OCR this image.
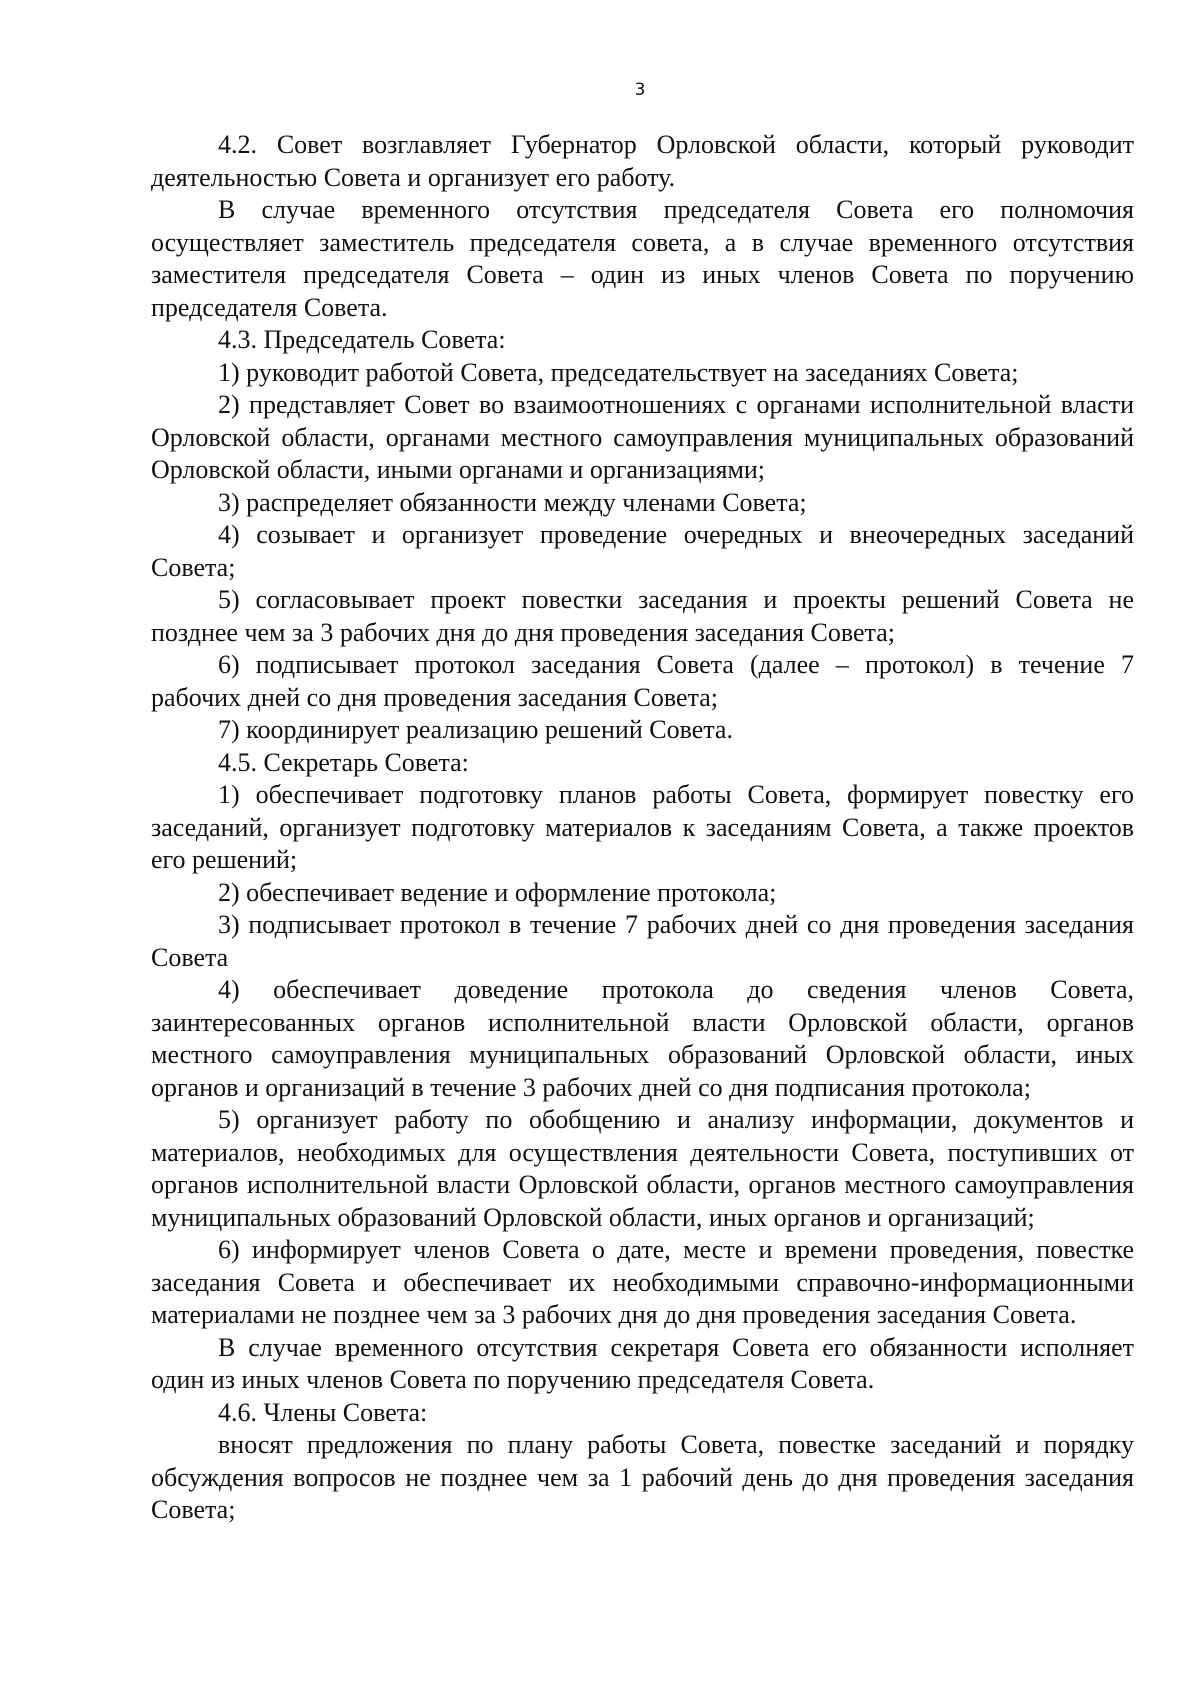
3

4.2. Совет возглавляет Губернатор Орловской области, который руководит деятельностью Совета и организует его работу.

В случае временного отсутствия председателя Совета его полномочия осуществляет заместитель председателя совета, а в случае временного отсутствия заместителя председателя Совета – один из иных членов Совета по поручению председателя Совета.

4.3. Председатель Совета:

1) руководит работой Совета, председательствует на заседаниях Совета;

2) представляет Совет во взаимоотношениях с органами исполнительной власти Орловской области, органами местного самоуправления муниципальных образований Орловской области, иными органами и организациями;

3) распределяет обязанности между членами Совета;

4) созывает и организует проведение очередных и внеочередных заседаний Совета;

5) согласовывает проект повестки заседания и проекты решений Совета не позднее чем за 3 рабочих дня до дня проведения заседания Совета;

6) подписывает протокол заседания Совета (далее – протокол) в течение 7 рабочих дней со дня проведения заседания Совета;

7) координирует реализацию решений Совета.

4.5. Секретарь Совета:

1) обеспечивает подготовку планов работы Совета, формирует повестку его заседаний, организует подготовку материалов к заседаниям Совета, а также проектов его решений;

2) обеспечивает ведение и оформление протокола;

3) подписывает протокол в течение 7 рабочих дней со дня проведения заседания Совета

4) обеспечивает доведение протокола до сведения членов Совета, заинтересованных органов исполнительной власти Орловской области, органов местного самоуправления муниципальных образований Орловской области, иных органов и организаций в течение 3 рабочих дней со дня подписания протокола;

5) организует работу по обобщению и анализу информации, документов и материалов, необходимых для осуществления деятельности Совета, поступивших от органов исполнительной власти Орловской области, органов местного самоуправления муниципальных образований Орловской области, иных органов и организаций;

6) информирует членов Совета о дате, месте и времени проведения, повестке заседания Совета и обеспечивает их необходимыми справочно-информационными материалами не позднее чем за 3 рабочих дня до дня проведения заседания Совета.

В случае временного отсутствия секретаря Совета его обязанности исполняет один из иных членов Совета по поручению председателя Совета.

4.6. Члены Совета:

вносят предложения по плану работы Совета, повестке заседаний и порядку обсуждения вопросов не позднее чем за 1 рабочий день до дня проведения заседания Совета;
